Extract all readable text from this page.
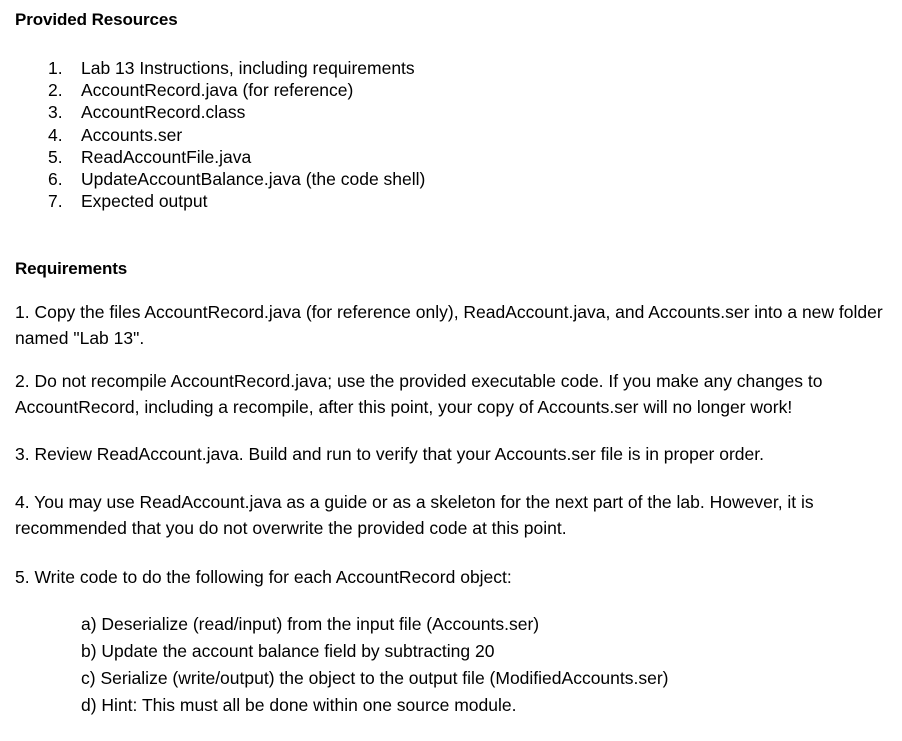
Provided Resources
1. Lab 13 Instructions, including requirements
2. AccountRecord.java (for reference)
3. AccountRecord.class
4. Accounts.ser
5. ReadAccountFile.java
6. UpdateAccountBalance.java (the code shell)
7. Expected output
Requirements

1. Copy the files AccountRecord.java (for reference only), ReadAccount.java, and Accounts.ser into a new folder named "Lab 13".

2. Do not recompile AccountRecord.java; use the provided executable code. If you make any changes to AccountRecord, including a recompile, after this point, your copy of Accounts.ser will no longer work!

3. Review ReadAccount.java. Build and run to verify that your Accounts.ser file is in proper order.

4. You may use ReadAccount.java as a guide or as a skeleton for the next part of the lab. However, it is recommended that you do not overwrite the provided code at this point.

5. Write code to do the following for each AccountRecord object:

a) Deserialize (read/input) from the input file (Accounts.ser)
b) Update the account balance field by subtracting 20
c) Serialize (write/output) the object to the output file (ModifiedAccounts.ser)
d) Hint: This must all be done within one source module.
